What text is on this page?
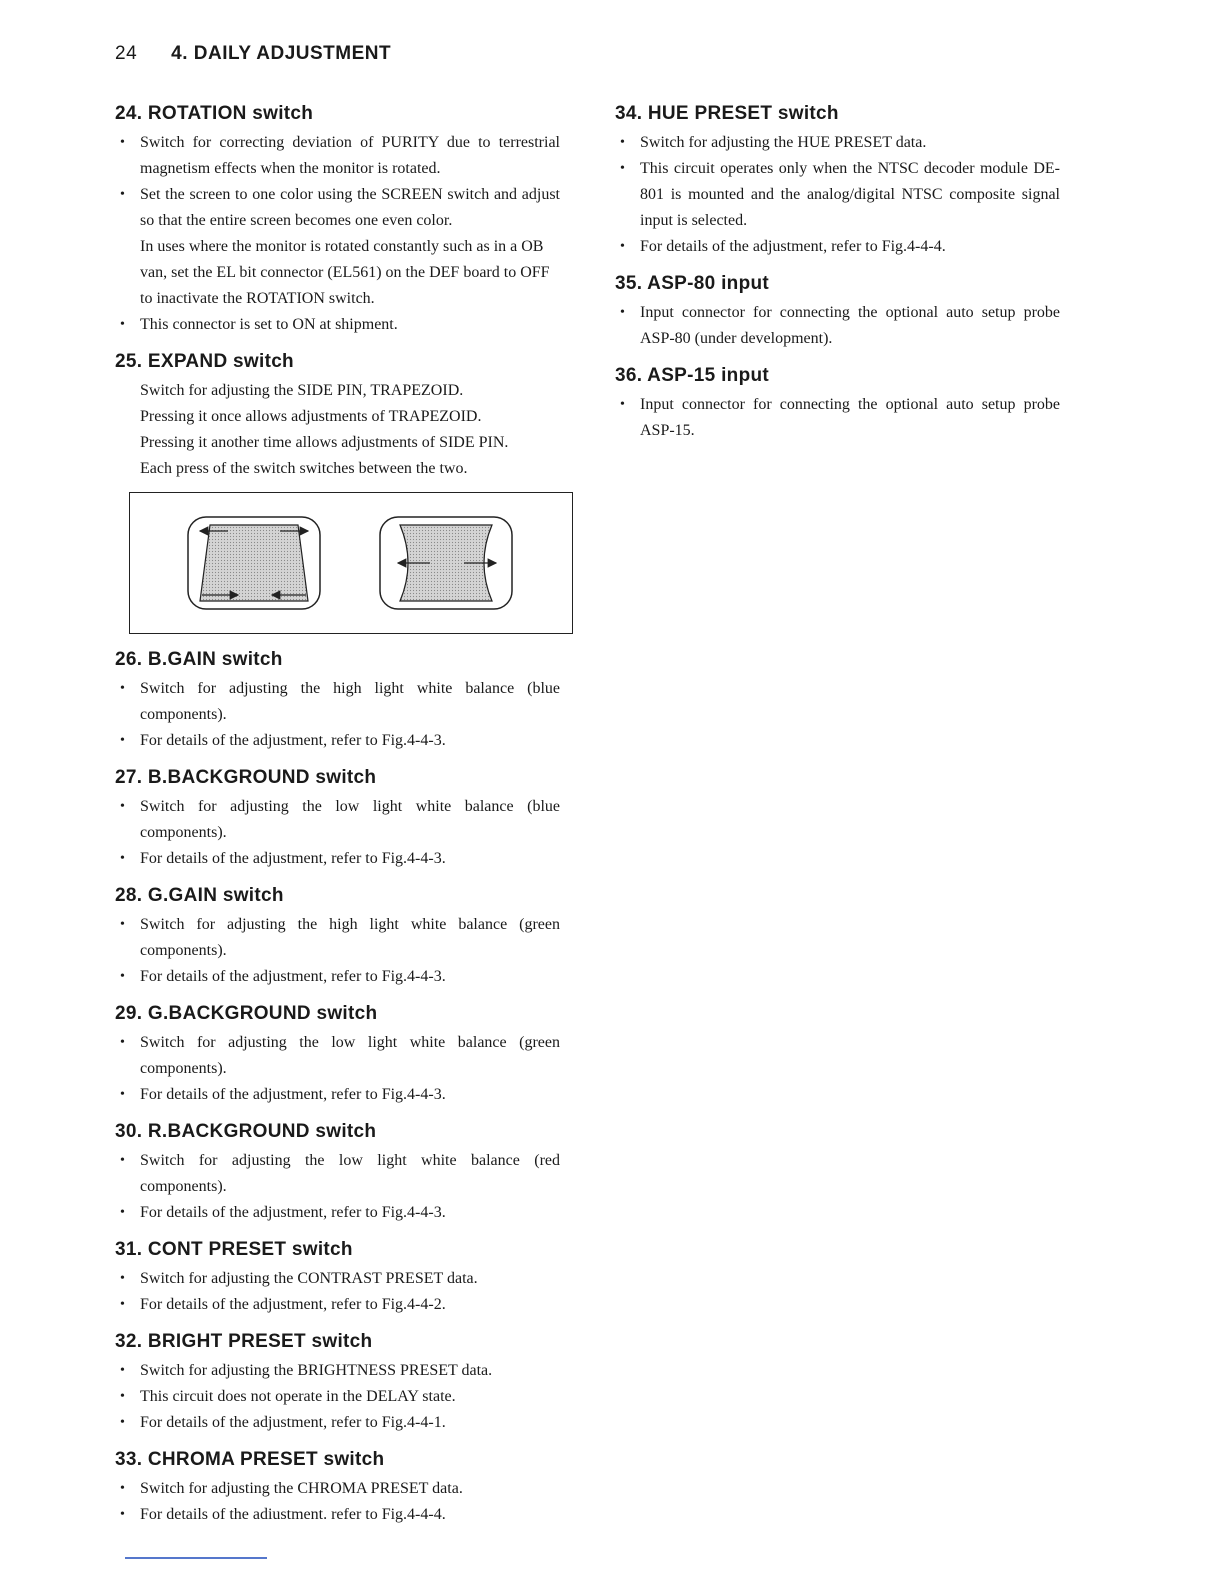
24 4. DAILY ADJUSTMENT
24. ROTATION switch
• Switch for correcting deviation of PURITY due to terrestrial magnetism effects when the monitor is rotated.
• Set the screen to one color using the SCREEN switch and adjust so that the entire screen becomes one even color.

In uses where the monitor is rotated constantly such as in a OB van, set the EL bit connector (EL561) on the DEF board to OFF to inactivate the ROTATION switch.

• This connector is set to ON at shipment.
25. EXPAND switch

Switch for adjusting the SIDE PIN, TRAPEZOID.

Pressing it once allows adjustments of TRAPEZOID.

Pressing it another time allows adjustments of SIDE PIN.

Each press of the switch switches between the two.

26. B.GAIN switch
• Switch for adjusting the high light white balance (blue components).
• For details of the adjustment, refer to Fig.4-4-3.
27. B.BACKGROUND switch
• Switch for adjusting the low light white balance (blue components).
• For details of the adjustment, refer to Fig.4-4-3.
28. G.GAIN switch
• Switch for adjusting the high light white balance (green components).
• For details of the adjustment, refer to Fig.4-4-3.
29. G.BACKGROUND switch
• Switch for adjusting the low light white balance (green components).
• For details of the adjustment, refer to Fig.4-4-3.
30. R.BACKGROUND switch
• Switch for adjusting the low light white balance (red components).
• For details of the adjustment, refer to Fig.4-4-3.
31. CONT PRESET switch
• Switch for adjusting the CONTRAST PRESET data.
• For details of the adjustment, refer to Fig.4-4-2.
32. BRIGHT PRESET switch
• Switch for adjusting the BRIGHTNESS PRESET data.
• This circuit does not operate in the DELAY state.
• For details of the adjustment, refer to Fig.4-4-1.
33. CHROMA PRESET switch
• Switch for adjusting the CHROMA PRESET data.
• For details of the adiustment. refer to Fig.4-4-4.
34. HUE PRESET switch
• Switch for adjusting the HUE PRESET data.
• This circuit operates only when the NTSC decoder module DE-801 is mounted and the analog/digital NTSC composite signal input is selected.
• For details of the adjustment, refer to Fig.4-4-4.
35. ASP-80 input
• Input connector for connecting the optional auto setup probe ASP-80 (under development).
36. ASP-15 input
• Input connector for connecting the optional auto setup probe ASP-15.
